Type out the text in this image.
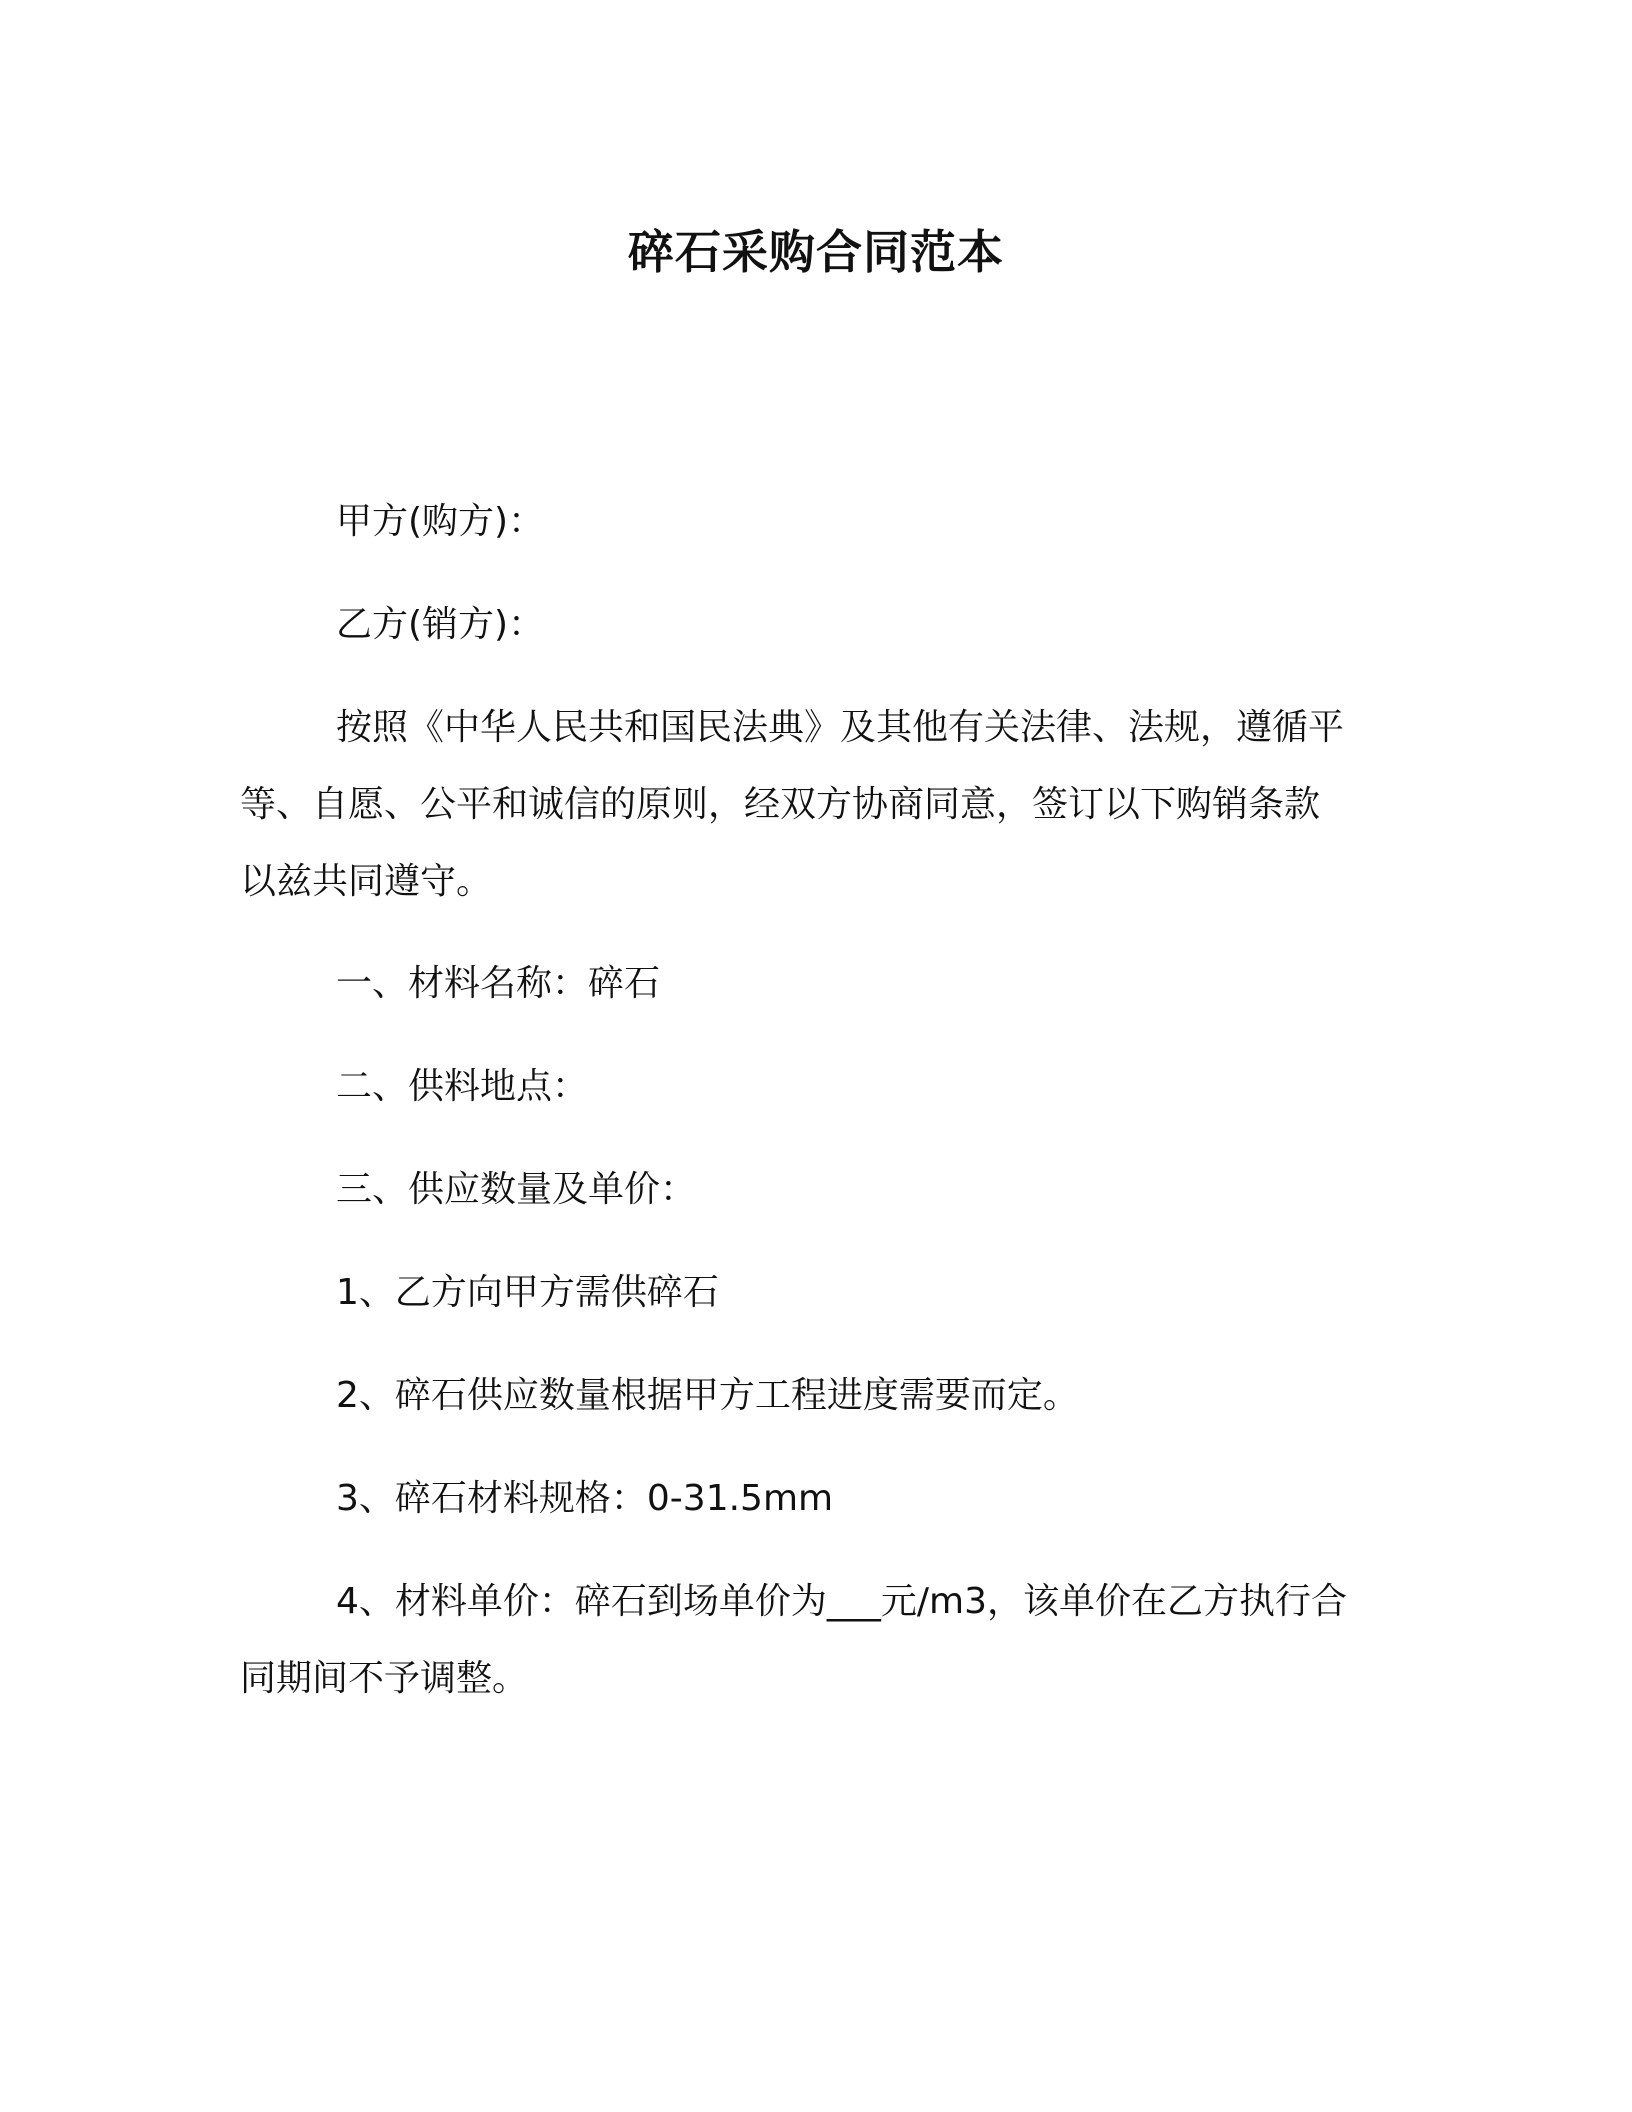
碎石采购合同范本
甲方(购方)：
乙方(销方)：
按照《中华人民共和国民法典》及其他有关法律、法规，遵循平
等、自愿、公平和诚信的原则，经双方协商同意，签订以下购销条款
以兹共同遵守。
一、材料名称：碎石
二、供料地点：
三、供应数量及单价：
1、乙方向甲方需供碎石
2、碎石供应数量根据甲方工程进度需要而定。
3、碎石材料规格：0-31.5mm
4、材料单价：碎石到场单价为___元/m3，该单价在乙方执行合
同期间不予调整。
